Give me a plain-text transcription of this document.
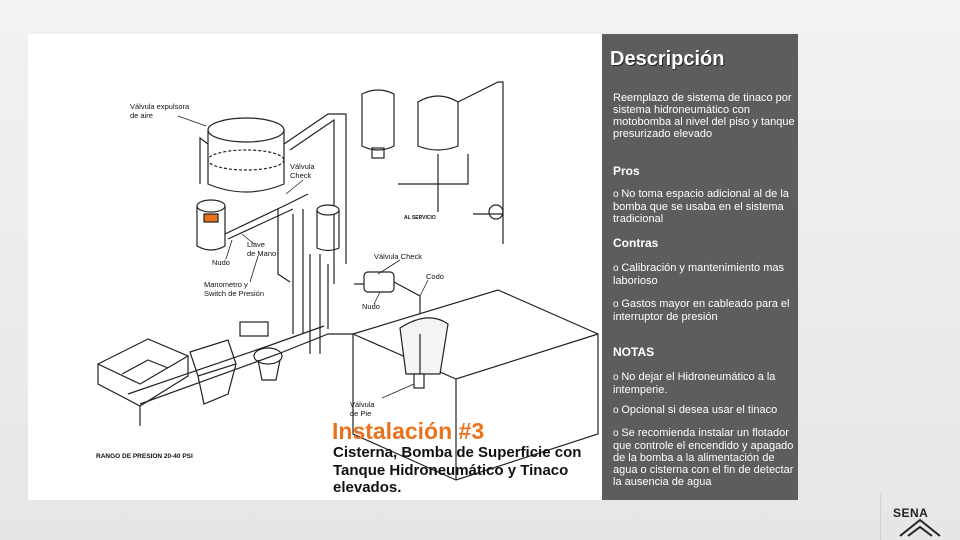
Válvula expulsora
de aire
Válvula
Check
Llave
de Mano
Nudo
Manometro y
Switch de Presión
Válvula Check
Codo
Nudo
Válvula
de Pie
AL SERVICIO
RANGO DE PRESION 20-40 PSI
Instalación #3
Cisterna, Bomba de Superficie con Tanque Hidroneumático y Tinaco elevados.
Descripción
Reemplazo de sistema de tinaco por sistema hidroneumático con motobomba al nivel del piso y tanque presurizado elevado
Pros
o No toma espacio adicional al de la bomba que se usaba en el sistema tradicional
Contras
o Calibración y mantenimiento mas laborioso
o Gastos mayor en cableado para el interruptor de presión
NOTAS
o No dejar el Hidroneumático a la intemperie.
o Opcional si desea usar el tinaco
o Se recomienda instalar un flotador que controle el encendido y apagado de la bomba a la alimentación de agua o cisterna con el fin de detectar la ausencia de agua
SENA
